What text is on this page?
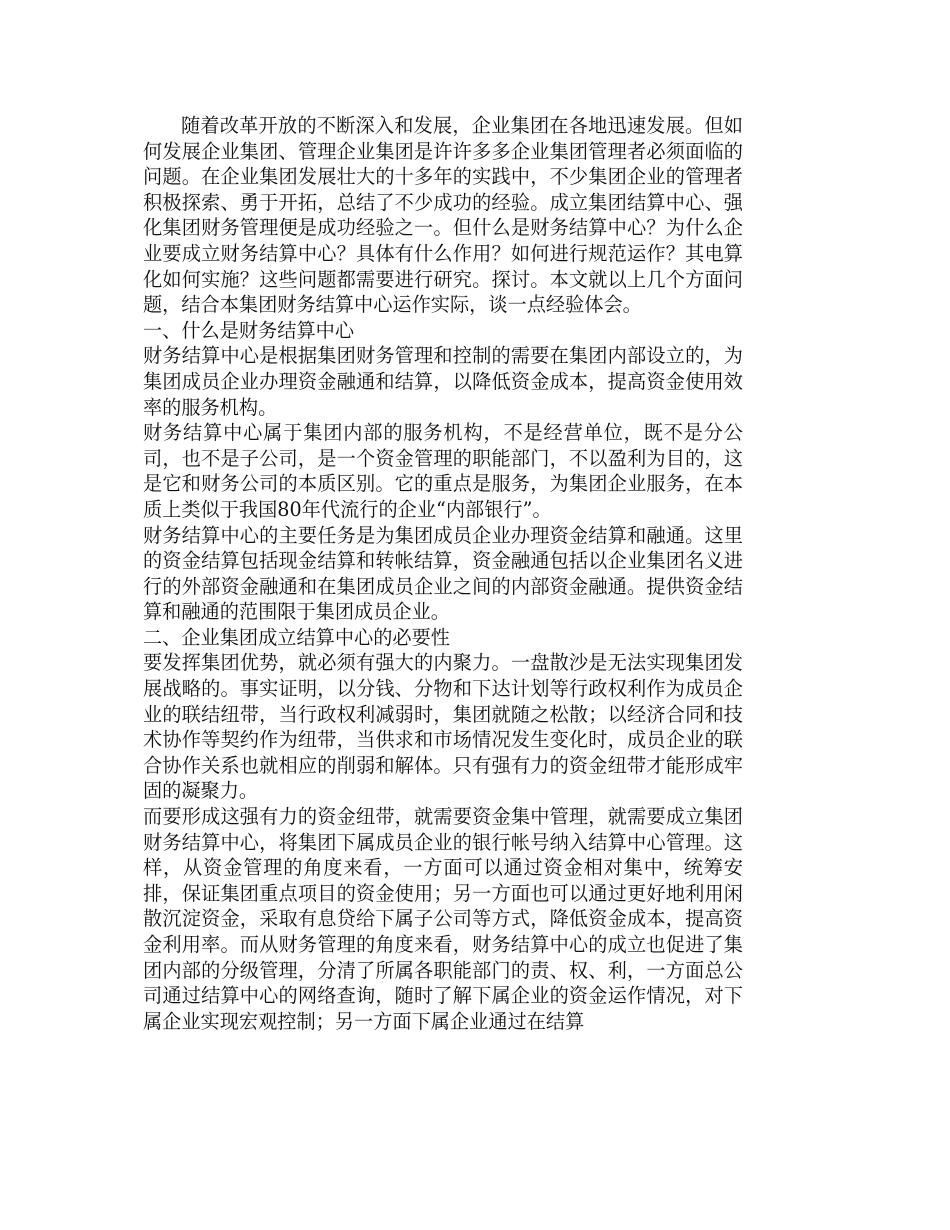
随着改革开放的不断深入和发展，企业集团在各地迅速发展。但如何发展企业集团、管理企业集团是许许多多企业集团管理者必须面临的问题。在企业集团发展壮大的十多年的实践中，不少集团企业的管理者积极探索、勇于开拓，总结了不少成功的经验。成立集团结算中心、强化集团财务管理便是成功经验之一。但什么是财务结算中心？为什么企业要成立财务结算中心？具体有什么作用？如何进行规范运作？其电算化如何实施？这些问题都需要进行研究。探讨。本文就以上几个方面问题，结合本集团财务结算中心运作实际，谈一点经验体会。

一、什么是财务结算中心

财务结算中心是根据集团财务管理和控制的需要在集团内部设立的，为集团成员企业办理资金融通和结算，以降低资金成本，提高资金使用效率的服务机构。

财务结算中心属于集团内部的服务机构，不是经营单位，既不是分公司，也不是子公司，是一个资金管理的职能部门，不以盈利为目的，这是它和财务公司的本质区别。它的重点是服务，为集团企业服务，在本质上类似于我国80年代流行的企业“内部银行”。

财务结算中心的主要任务是为集团成员企业办理资金结算和融通。这里的资金结算包括现金结算和转帐结算，资金融通包括以企业集团名义进行的外部资金融通和在集团成员企业之间的内部资金融通。提供资金结算和融通的范围限于集团成员企业。

二、企业集团成立结算中心的必要性

要发挥集团优势，就必须有强大的内聚力。一盘散沙是无法实现集团发展战略的。事实证明，以分钱、分物和下达计划等行政权利作为成员企业的联结纽带，当行政权利减弱时，集团就随之松散；以经济合同和技术协作等契约作为纽带，当供求和市场情况发生变化时，成员企业的联合协作关系也就相应的削弱和解体。只有强有力的资金纽带才能形成牢固的凝聚力。

而要形成这强有力的资金纽带，就需要资金集中管理，就需要成立集团财务结算中心，将集团下属成员企业的银行帐号纳入结算中心管理。这样，从资金管理的角度来看，一方面可以通过资金相对集中，统筹安排，保证集团重点项目的资金使用；另一方面也可以通过更好地利用闲散沉淀资金，采取有息贷给下属子公司等方式，降低资金成本，提高资金利用率。而从财务管理的角度来看，财务结算中心的成立也促进了集团内部的分级管理，分清了所属各职能部门的责、权、利，一方面总公司通过结算中心的网络查询，随时了解下属企业的资金运作情况，对下属企业实现宏观控制；另一方面下属企业通过在结算
